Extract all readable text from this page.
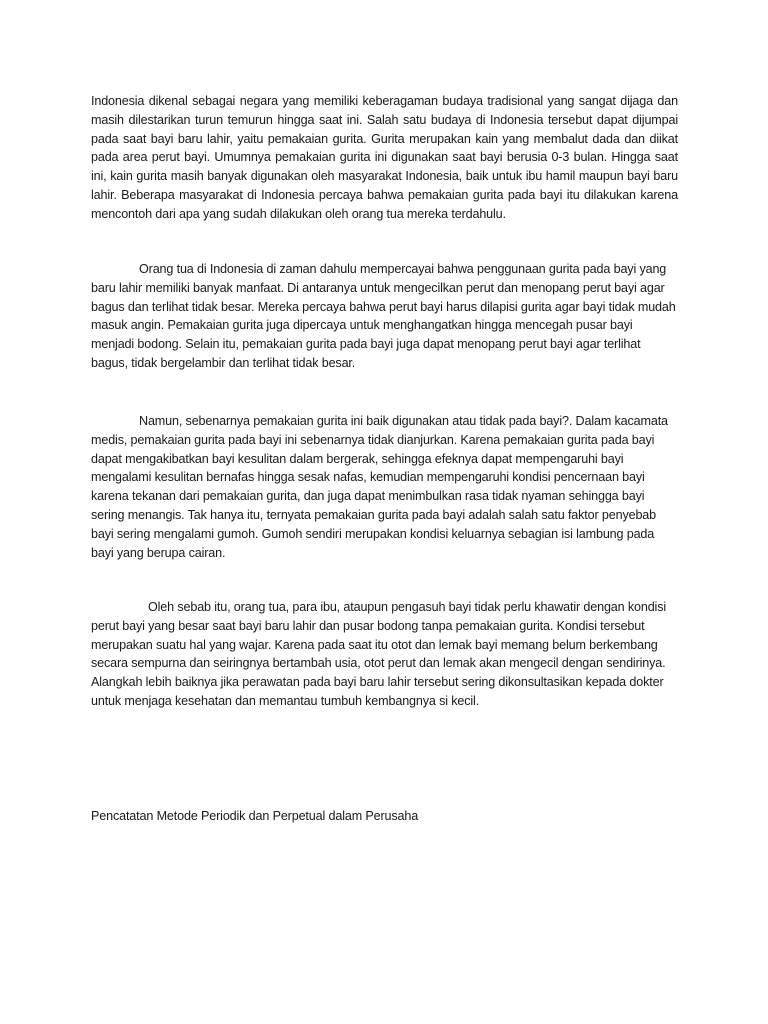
Indonesia dikenal sebagai negara yang memiliki keberagaman budaya tradisional yang sangat dijaga dan masih dilestarikan turun temurun hingga saat ini. Salah satu budaya di Indonesia tersebut dapat dijumpai pada saat bayi baru lahir, yaitu pemakaian gurita. Gurita merupakan kain yang membalut dada dan diikat pada area perut bayi. Umumnya pemakaian gurita ini digunakan saat bayi berusia 0-3 bulan. Hingga saat ini, kain gurita masih banyak digunakan oleh masyarakat Indonesia, baik untuk ibu hamil maupun bayi baru lahir. Beberapa masyarakat di Indonesia percaya bahwa pemakaian gurita pada bayi itu dilakukan karena mencontoh dari apa yang sudah dilakukan oleh orang tua mereka terdahulu.

Orang tua di Indonesia di zaman dahulu mempercayai bahwa penggunaan gurita pada bayi yang baru lahir memiliki banyak manfaat. Di antaranya untuk mengecilkan perut dan menopang perut bayi agar bagus dan terlihat tidak besar. Mereka percaya bahwa perut bayi harus dilapisi gurita agar bayi tidak mudah masuk angin. Pemakaian gurita juga dipercaya untuk menghangatkan hingga mencegah pusar bayi menjadi bodong. Selain itu, pemakaian gurita pada bayi juga dapat menopang perut bayi agar terlihat bagus, tidak bergelambir dan terlihat tidak besar.

Namun, sebenarnya pemakaian gurita ini baik digunakan atau tidak pada bayi?. Dalam kacamata medis, pemakaian gurita pada bayi ini sebenarnya tidak dianjurkan. Karena pemakaian gurita pada bayi dapat mengakibatkan bayi kesulitan dalam bergerak, sehingga efeknya dapat mempengaruhi bayi mengalami kesulitan bernafas hingga sesak nafas, kemudian mempengaruhi kondisi pencernaan bayi karena tekanan dari pemakaian gurita, dan juga dapat menimbulkan rasa tidak nyaman sehingga bayi sering menangis. Tak hanya itu, ternyata pemakaian gurita pada bayi adalah salah satu faktor penyebab bayi sering mengalami gumoh. Gumoh sendiri merupakan kondisi keluarnya sebagian isi lambung pada bayi yang berupa cairan.

Oleh sebab itu, orang tua, para ibu, ataupun pengasuh bayi tidak perlu khawatir dengan kondisi perut bayi yang besar saat bayi baru lahir dan pusar bodong tanpa pemakaian gurita. Kondisi tersebut merupakan suatu hal yang wajar. Karena pada saat itu otot dan lemak bayi memang belum berkembang secara sempurna dan seiringnya bertambah usia, otot perut dan lemak akan mengecil dengan sendirinya. Alangkah lebih baiknya jika perawatan pada bayi baru lahir tersebut sering dikonsultasikan kepada dokter untuk menjaga kesehatan dan memantau tumbuh kembangnya si kecil.

Pencatatan Metode Periodik dan Perpetual dalam Perusaha
